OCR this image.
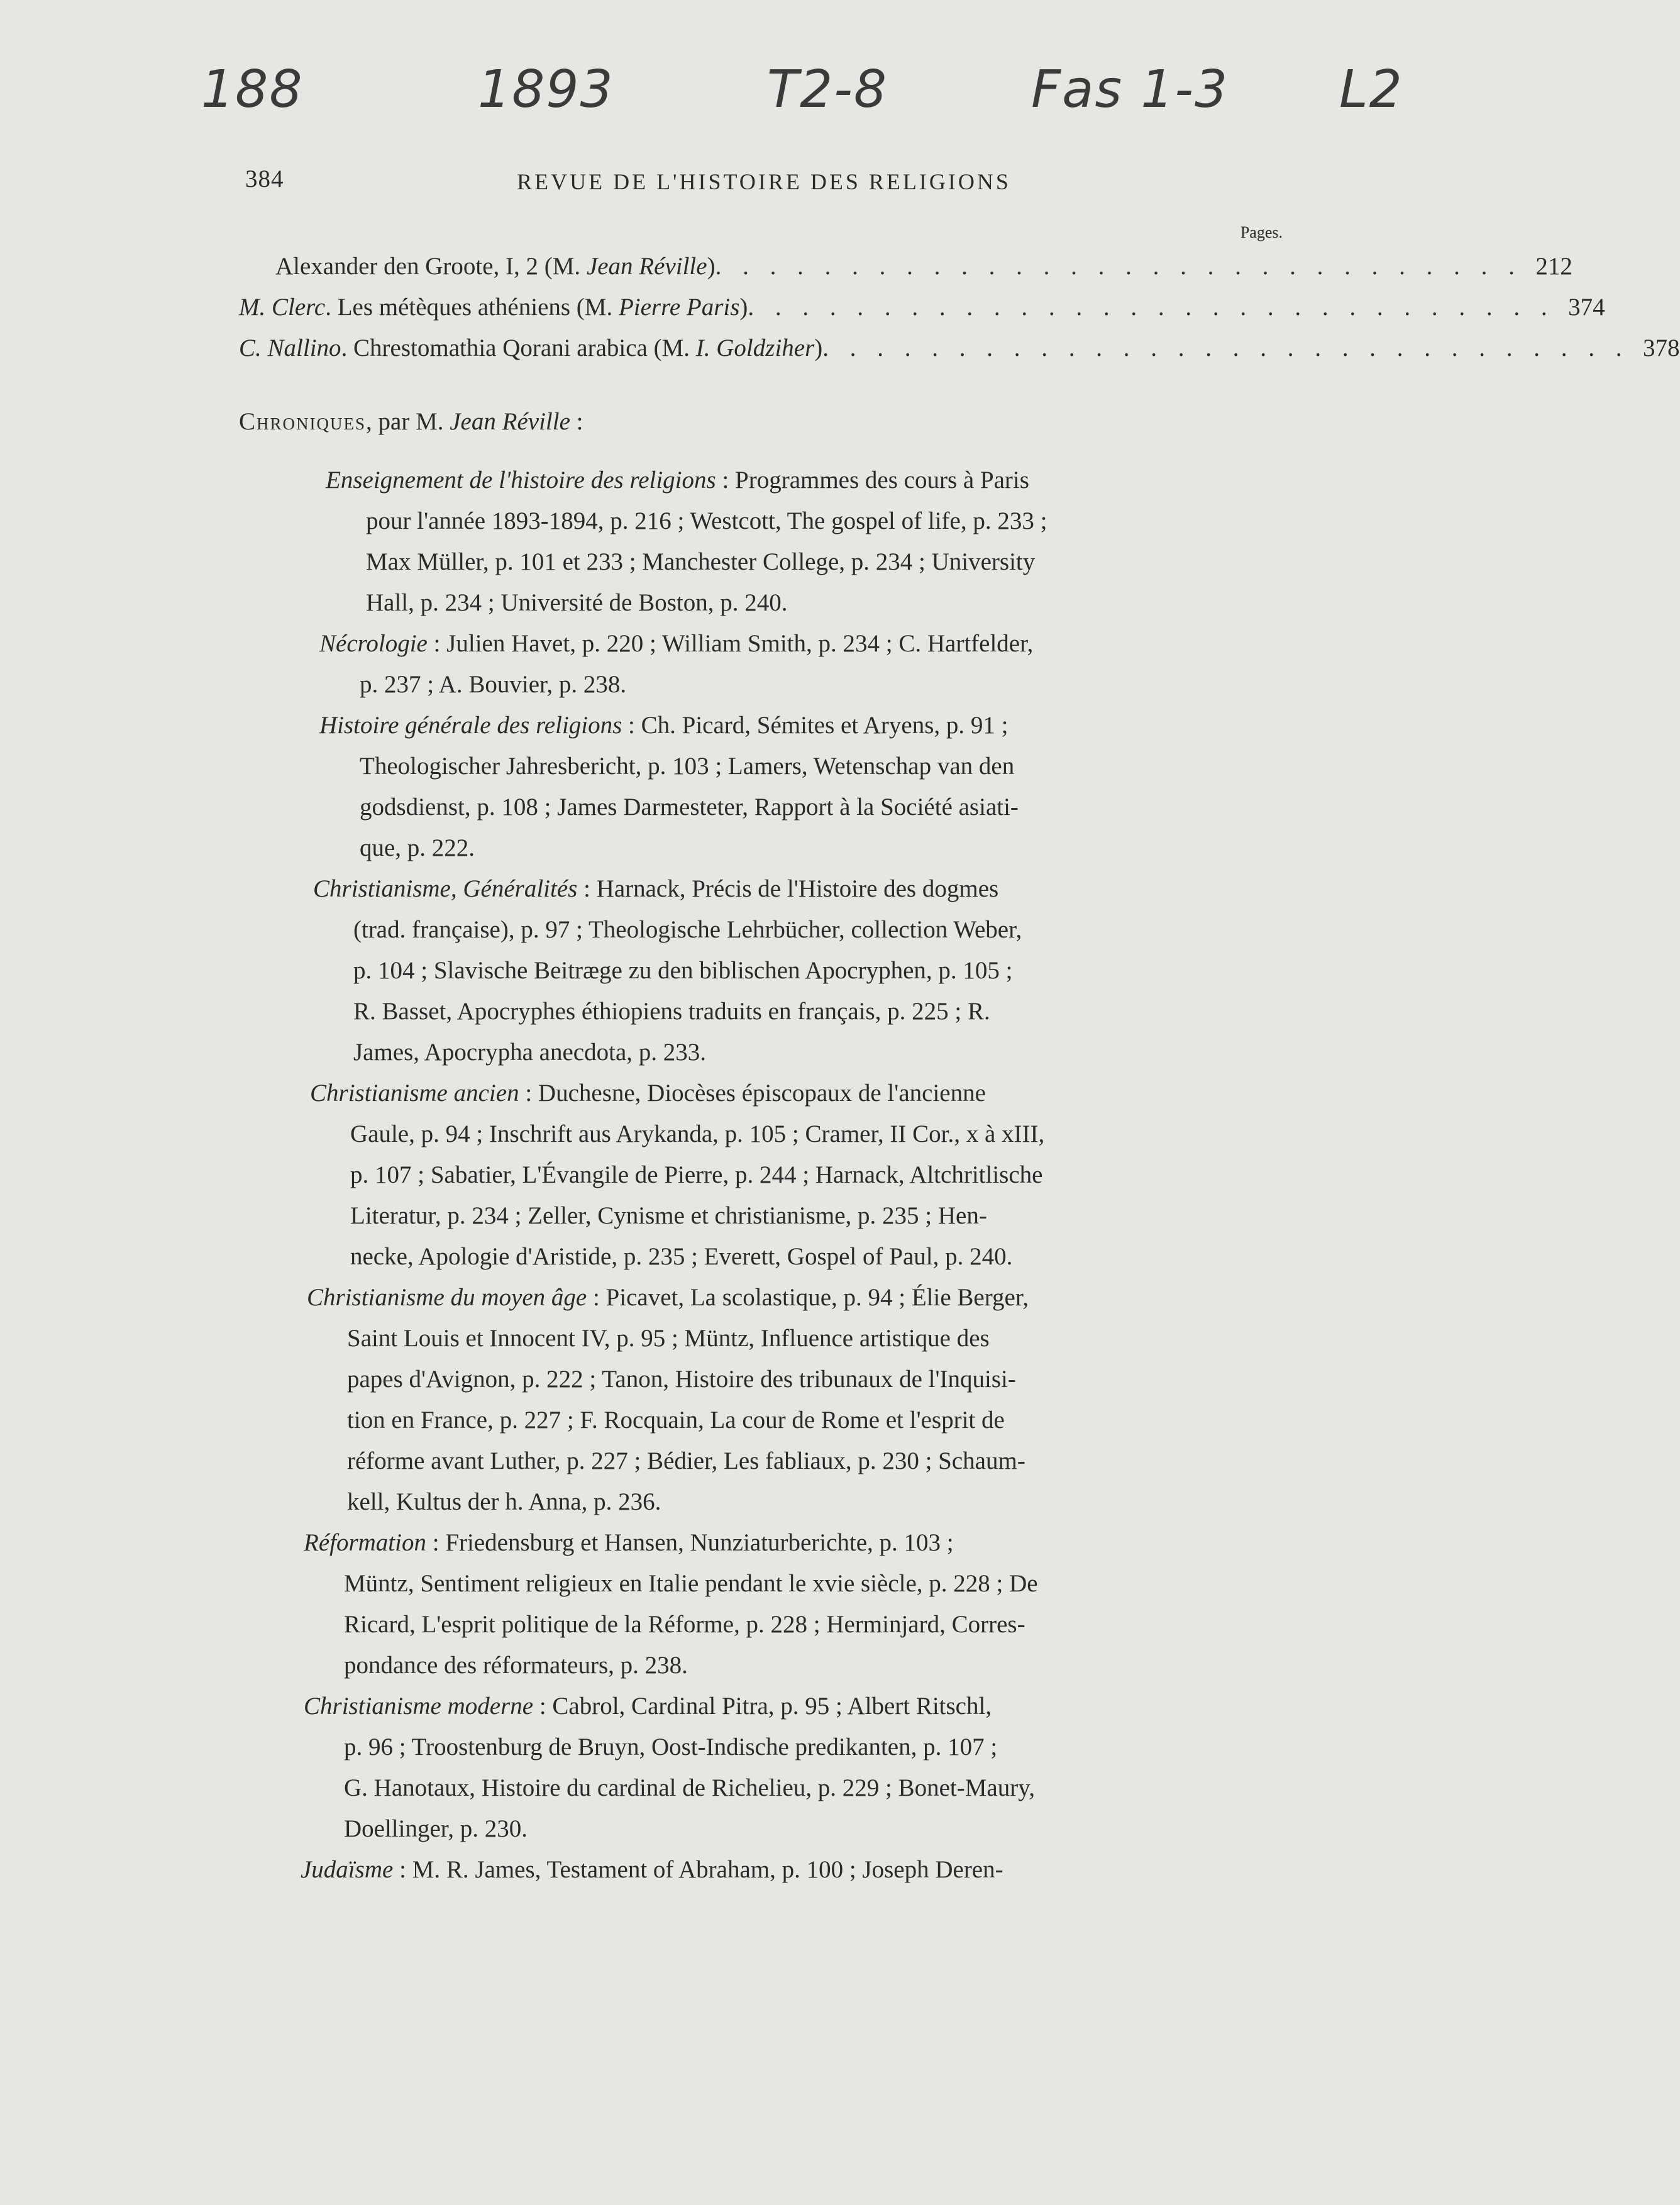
188	1893	T2-8	Fas 1-3 L2
384	REVUE DE L'HISTOIRE DES RELIGIONS
Pages.
Alexander den Groote, I, 2 (M. Jean Réville) . . . . . . . . . . . . . . . . . . . . . . . . . . . . . . 212
M. Clerc. Les métèques athéniens (M. Pierre Paris) . . . . . . . . . . . . . . . . . . . . . . . . . . . . . . 374
C. Nallino. Chrestomathia Qorani arabica (M. I. Goldziher) . . . . . . . . . . . . . . . . . . . . . . . . . . . . . . 378
Chroniques, par M. Jean Réville :
Enseignement de l'histoire des religions : Programmes des cours à Paris
pour l'année 1893-1894, p. 216 ; Westcott, The gospel of life, p. 233 ;
Max Müller, p. 101 et 233 ; Manchester College, p. 234 ; University
Hall, p. 234 ; Université de Boston, p. 240.
Nécrologie : Julien Havet, p. 220 ; William Smith, p. 234 ; C. Hartfelder,
p. 237 ; A. Bouvier, p. 238.
Histoire générale des religions : Ch. Picard, Sémites et Aryens, p. 91 ;
Theologischer Jahresbericht, p. 103 ; Lamers, Wetenschap van den
godsdienst, p. 108 ; James Darmesteter, Rapport à la Société asiati-
que, p. 222.
Christianisme, Généralités : Harnack, Précis de l'Histoire des dogmes
(trad. française), p. 97 ; Theologische Lehrbücher, collection Weber,
p. 104 ; Slavische Beitræge zu den biblischen Apocryphen, p. 105 ;
R. Basset, Apocryphes éthiopiens traduits en français, p. 225 ; R.
James, Apocrypha anecdota, p. 233.
Christianisme ancien : Duchesne, Diocèses épiscopaux de l'ancienne
Gaule, p. 94 ; Inschrift aus Arykanda, p. 105 ; Cramer, II Cor., x à xIII,
p. 107 ; Sabatier, L'Évangile de Pierre, p. 244 ; Harnack, Altchritlische
Literatur, p. 234 ; Zeller, Cynisme et christianisme, p. 235 ; Hen-
necke, Apologie d'Aristide, p. 235 ; Everett, Gospel of Paul, p. 240.
Christianisme du moyen âge : Picavet, La scolastique, p. 94 ; Élie Berger,
Saint Louis et Innocent IV, p. 95 ; Müntz, Influence artistique des
papes d'Avignon, p. 222 ; Tanon, Histoire des tribunaux de l'Inquisi-
tion en France, p. 227 ; F. Rocquain, La cour de Rome et l'esprit de
réforme avant Luther, p. 227 ; Bédier, Les fabliaux, p. 230 ; Schaum-
kell, Kultus der h. Anna, p. 236.
Réformation : Friedensburg et Hansen, Nunziaturberichte, p. 103 ;
Müntz, Sentiment religieux en Italie pendant le xvie siècle, p. 228 ; De
Ricard, L'esprit politique de la Réforme, p. 228 ; Herminjard, Corres-
pondance des réformateurs, p. 238.
Christianisme moderne : Cabrol, Cardinal Pitra, p. 95 ; Albert Ritschl,
p. 96 ; Troostenburg de Bruyn, Oost-Indische predikanten, p. 107 ;
G. Hanotaux, Histoire du cardinal de Richelieu, p. 229 ; Bonet-Maury,
Doellinger, p. 230.
Judaïsme : M. R. James, Testament of Abraham, p. 100 ; Joseph Deren-
